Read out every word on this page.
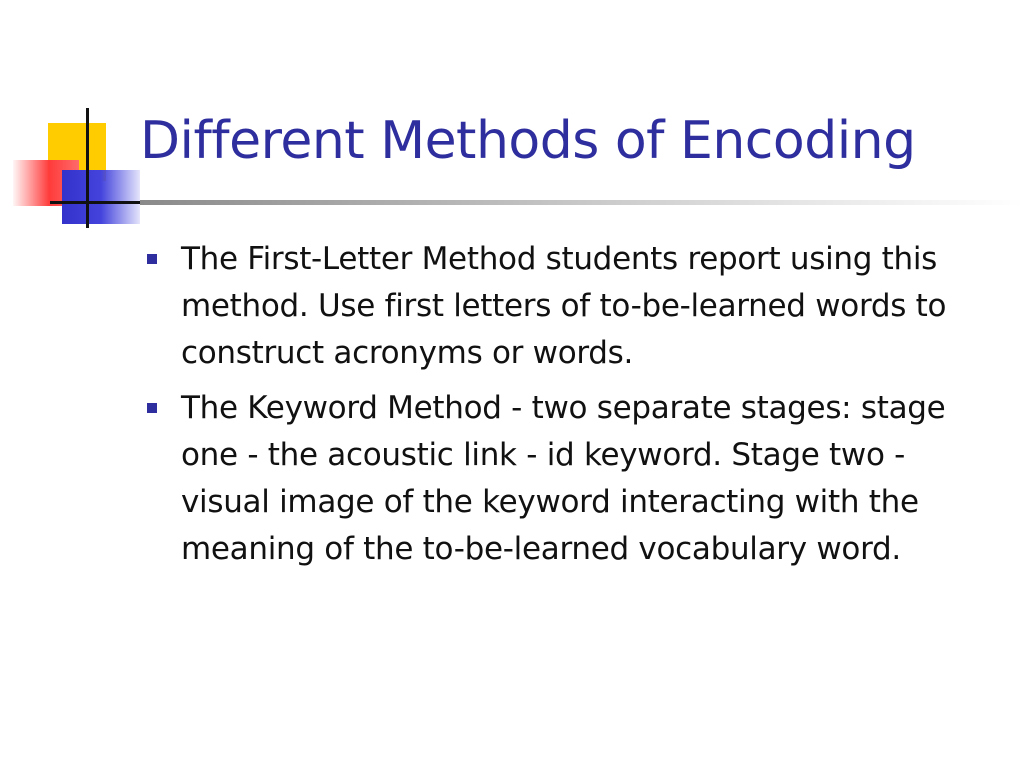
Different Methods of Encoding
The First-Letter Method students report using this method. Use first letters of to-be-learned words to construct acronyms or words.
The Keyword Method - two separate stages: stage one - the acoustic link - id keyword. Stage two - visual image of the keyword interacting with the meaning of the to-be-learned vocabulary word.
